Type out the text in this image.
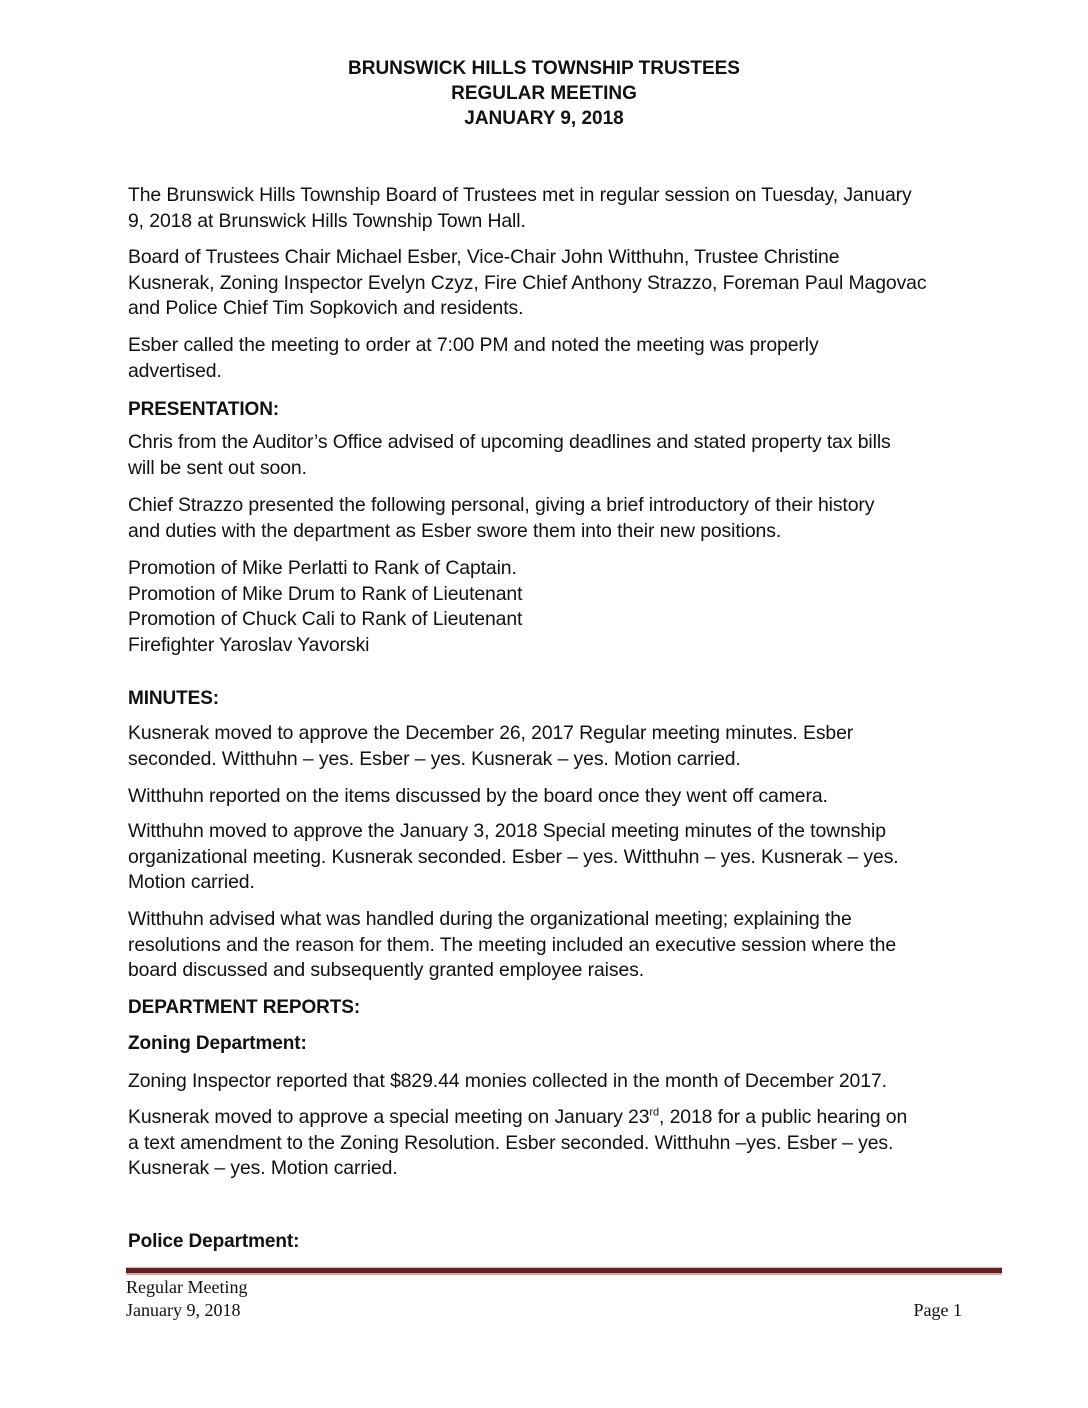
BRUNSWICK HILLS TOWNSHIP TRUSTEES
REGULAR MEETING
JANUARY 9, 2018
The Brunswick Hills Township Board of Trustees met in regular session on Tuesday, January
9, 2018 at Brunswick Hills Township Town Hall.
Board of Trustees Chair Michael Esber, Vice-Chair John Witthuhn, Trustee Christine
Kusnerak, Zoning Inspector Evelyn Czyz, Fire Chief Anthony Strazzo, Foreman Paul Magovac
and Police Chief Tim Sopkovich and residents.
Esber called the meeting to order at 7:00 PM and noted the meeting was properly
advertised.
PRESENTATION:
Chris from the Auditor’s Office advised of upcoming deadlines and stated property tax bills
will be sent out soon.
Chief Strazzo presented the following personal, giving a brief introductory of their history
and duties with the department as Esber swore them into their new positions.
Promotion of Mike Perlatti to Rank of Captain.
Promotion of Mike Drum to Rank of Lieutenant
Promotion of Chuck Cali to Rank of Lieutenant
Firefighter Yaroslav Yavorski
MINUTES:
Kusnerak moved to approve the December 26, 2017 Regular meeting minutes. Esber
seconded. Witthuhn – yes. Esber – yes. Kusnerak – yes. Motion carried.
Witthuhn reported on the items discussed by the board once they went off camera.
Witthuhn moved to approve the January 3, 2018 Special meeting minutes of the township
organizational meeting. Kusnerak seconded. Esber – yes. Witthuhn – yes. Kusnerak – yes.
Motion carried.
Witthuhn advised what was handled during the organizational meeting; explaining the
resolutions and the reason for them. The meeting included an executive session where the
board discussed and subsequently granted employee raises.
DEPARTMENT REPORTS:
Zoning Department:
Zoning Inspector reported that $829.44 monies collected in the month of December 2017.
Kusnerak moved to approve a special meeting on January 23rd, 2018 for a public hearing on
a text amendment to the Zoning Resolution. Esber seconded. Witthuhn –yes. Esber – yes.
Kusnerak – yes. Motion carried.
Police Department:
Regular Meeting
January 9, 2018	Page 1
